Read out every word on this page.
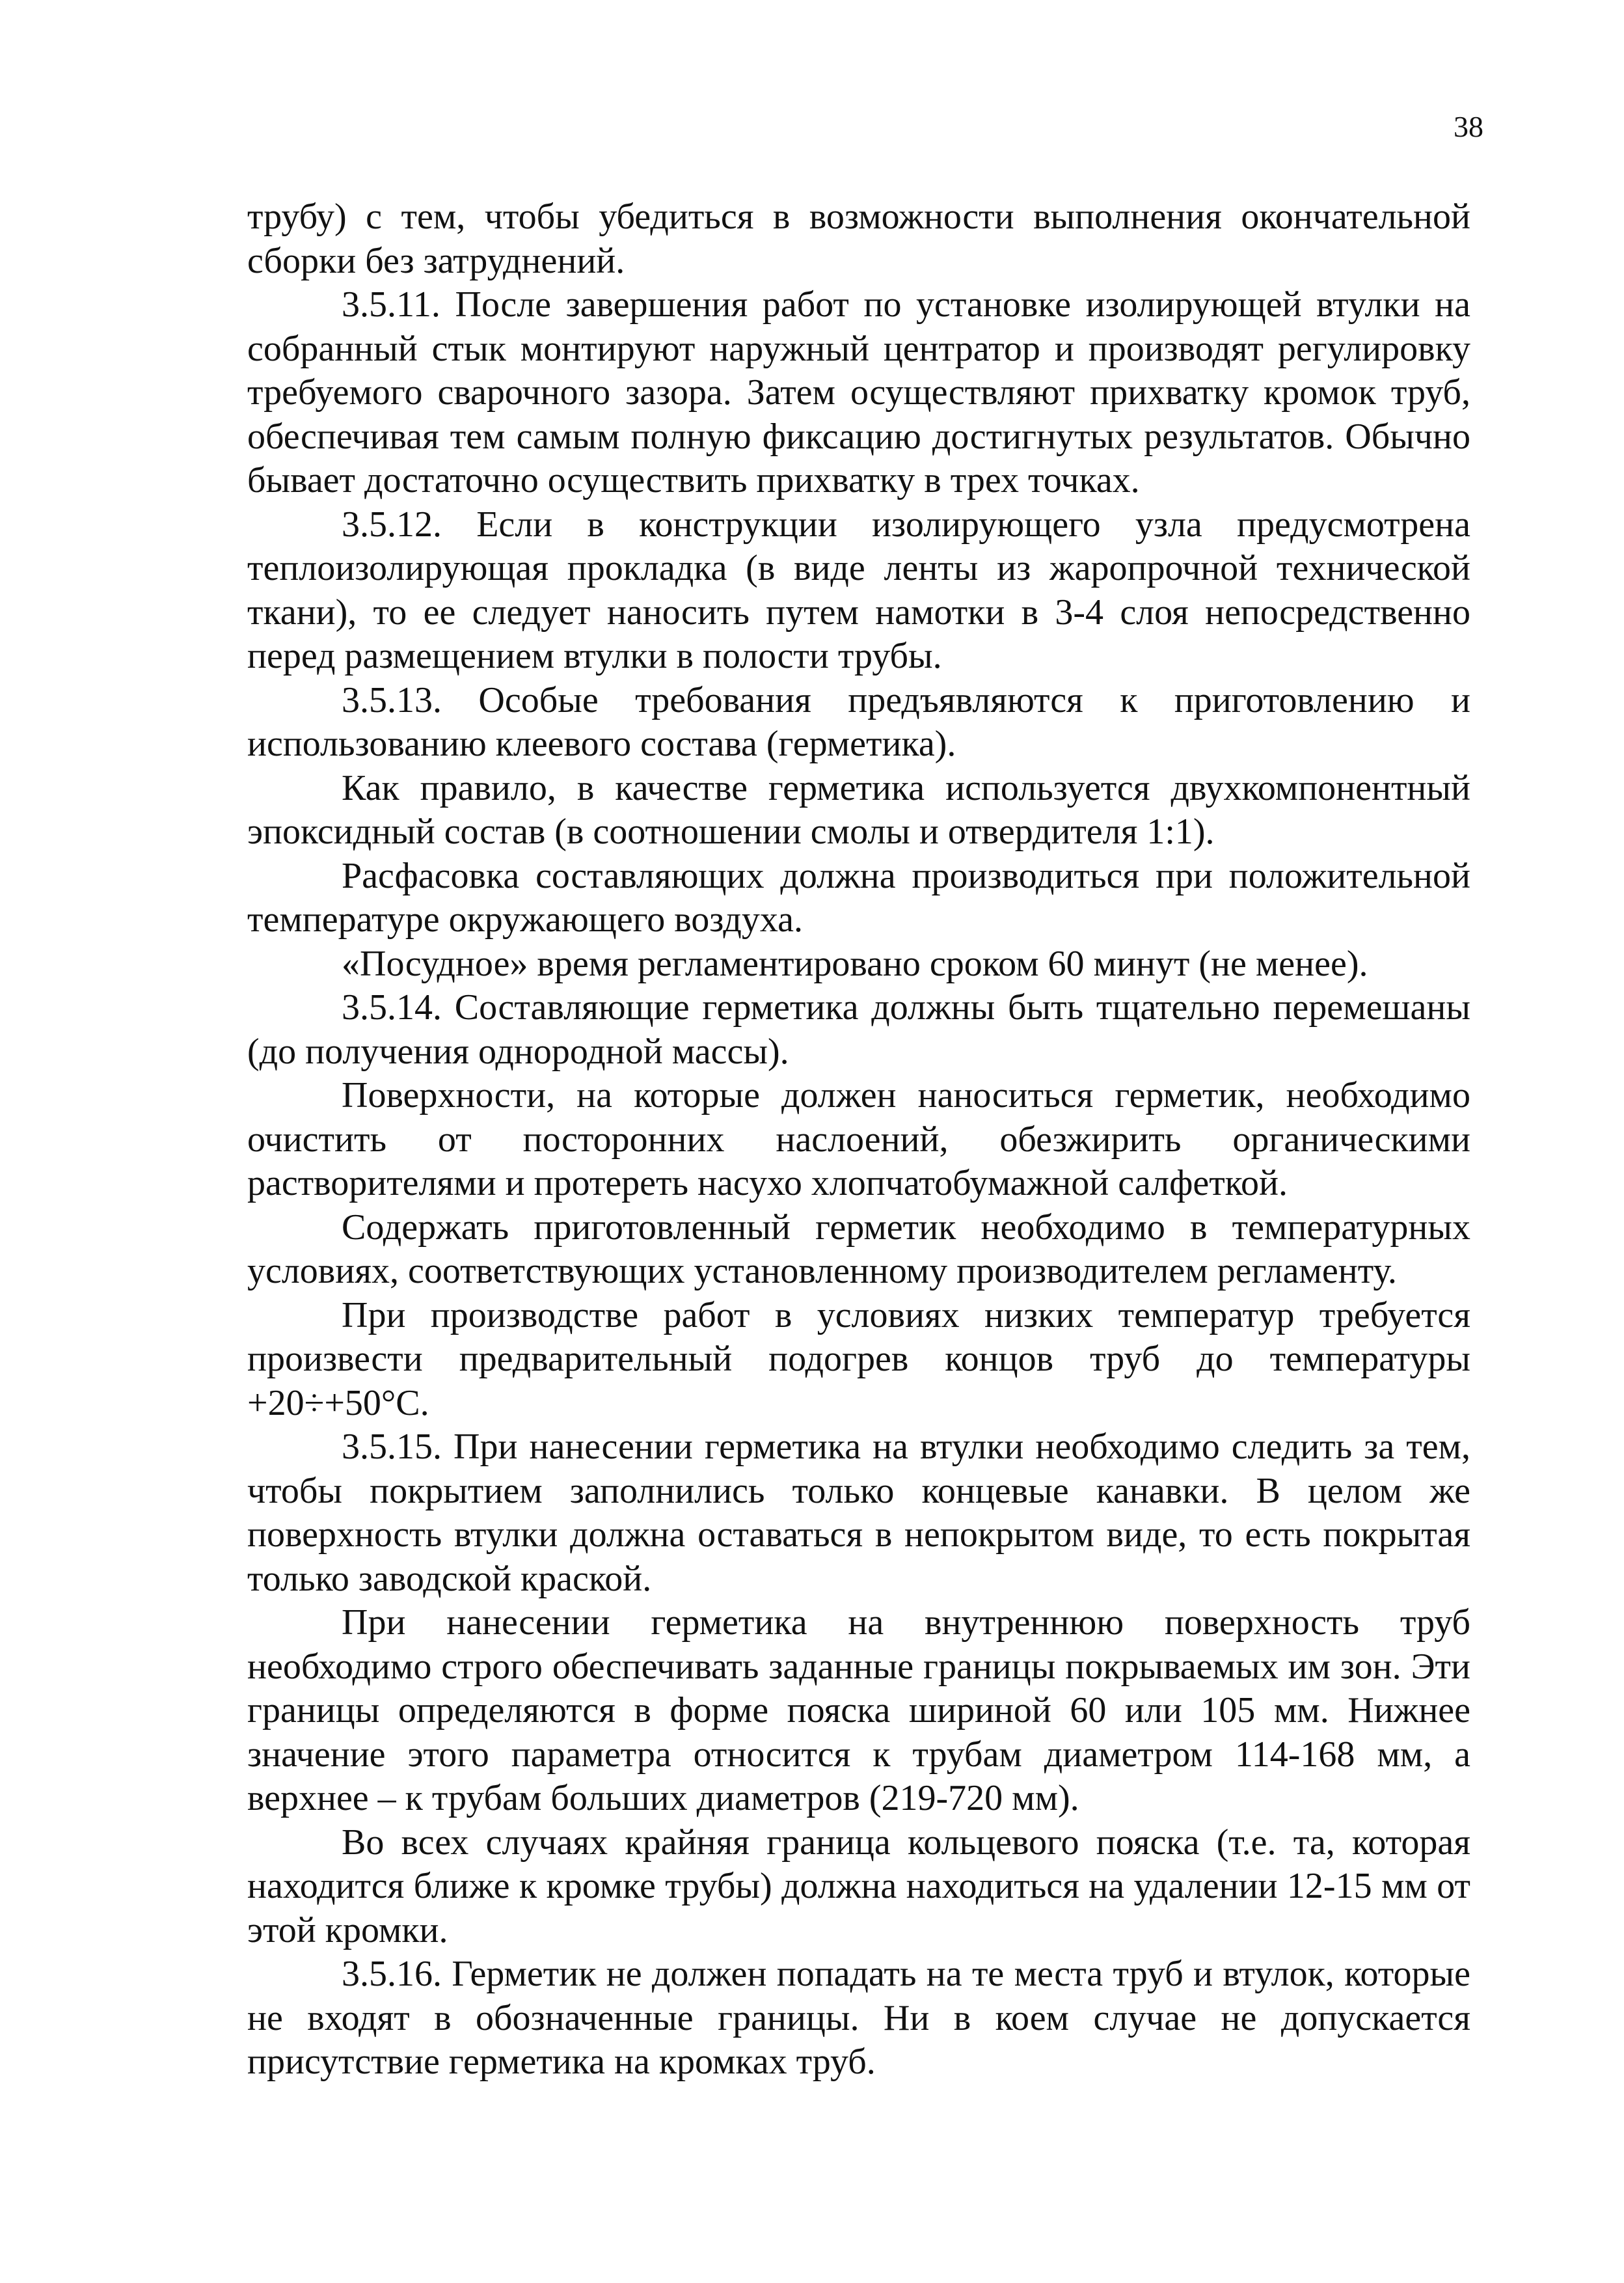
38

трубу) с тем, чтобы убедиться в возможности выполнения окончательной сборки без затруднений.

3.5.11. После завершения работ по установке изолирующей втулки на собранный стык монтируют наружный центратор и производят регулировку требуемого сварочного зазора. Затем осуществляют прихватку кромок труб, обеспечивая тем самым полную фиксацию достигнутых результатов. Обычно бывает достаточно осуществить прихватку в трех точках.

3.5.12. Если в конструкции изолирующего узла предусмотрена теплоизолирующая прокладка (в виде ленты из жаропрочной технической ткани), то ее следует наносить путем намотки в 3-4 слоя непосредственно перед размещением втулки в полости трубы.

3.5.13. Особые требования предъявляются к приготовлению и использованию клеевого состава (герметика).

Как правило, в качестве герметика используется двухкомпонентный эпоксидный состав (в соотношении смолы и отвердителя 1:1).

Расфасовка составляющих должна производиться при положительной температуре окружающего воздуха.

«Посудное» время регламентировано сроком 60 минут (не менее).

3.5.14. Составляющие герметика должны быть тщательно перемешаны (до получения однородной массы).

Поверхности, на которые должен наноситься герметик, необходимо очистить от посторонних наслоений, обезжирить органическими растворителями и протереть насухо хлопчатобумажной салфеткой.

Содержать приготовленный герметик необходимо в температурных условиях, соответствующих установленному производителем регламенту.

При производстве работ в условиях низких температур требуется произвести предварительный подогрев концов труб до температуры +20÷+50°С.

3.5.15. При нанесении герметика на втулки необходимо следить за тем, чтобы покрытием заполнились только концевые канавки. В целом же поверхность втулки должна оставаться в непокрытом виде, то есть покрытая только заводской краской.

При нанесении герметика на внутреннюю поверхность труб необходимо строго обеспечивать заданные границы покрываемых им зон. Эти границы определяются в форме пояска шириной 60 или 105 мм. Нижнее значение этого параметра относится к трубам диаметром 114-168 мм, а верхнее – к трубам больших диаметров (219-720 мм).

Во всех случаях крайняя граница кольцевого пояска (т.е. та, которая находится ближе к кромке трубы) должна находиться на удалении 12-15 мм от этой кромки.

3.5.16. Герметик не должен попадать на те места труб и втулок, которые не входят в обозначенные границы. Ни в коем случае не допускается присутствие герметика на кромках труб.
